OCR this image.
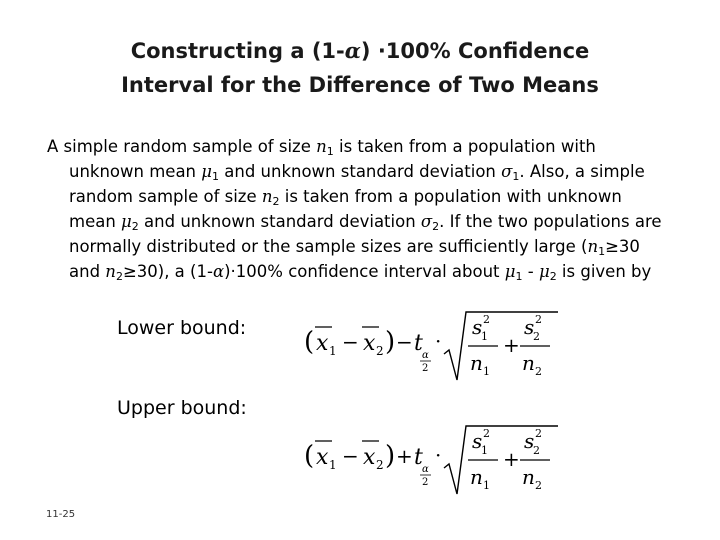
Constructing a (1-α) ·100% Confidence
Interval for the Difference of Two Means

A simple random sample of size $n_1$ is taken from a population with unknown mean $\mu_1$ and unknown standard deviation $\sigma_1$. Also, a simple random sample of size $n_2$ is taken from a population with unknown mean $\mu_2$ and unknown standard deviation $\sigma_2$. If the two populations are normally distributed or the sample sizes are sufficiently large ($n_1\ge 30$ and $n_2\ge 30$), a (1-α)·100% confidence interval about $\mu_1 - \mu_2$ is given by

Lower bound: ( x 1 − x 2 ) − t α
2
·
s 2
1
n 1
+
s 2
2
n 2
Upper bound:
( x 1 − x 2 ) + t α
2
·
s 2
1
n 1
+
s 2
2
n 2
11-25
